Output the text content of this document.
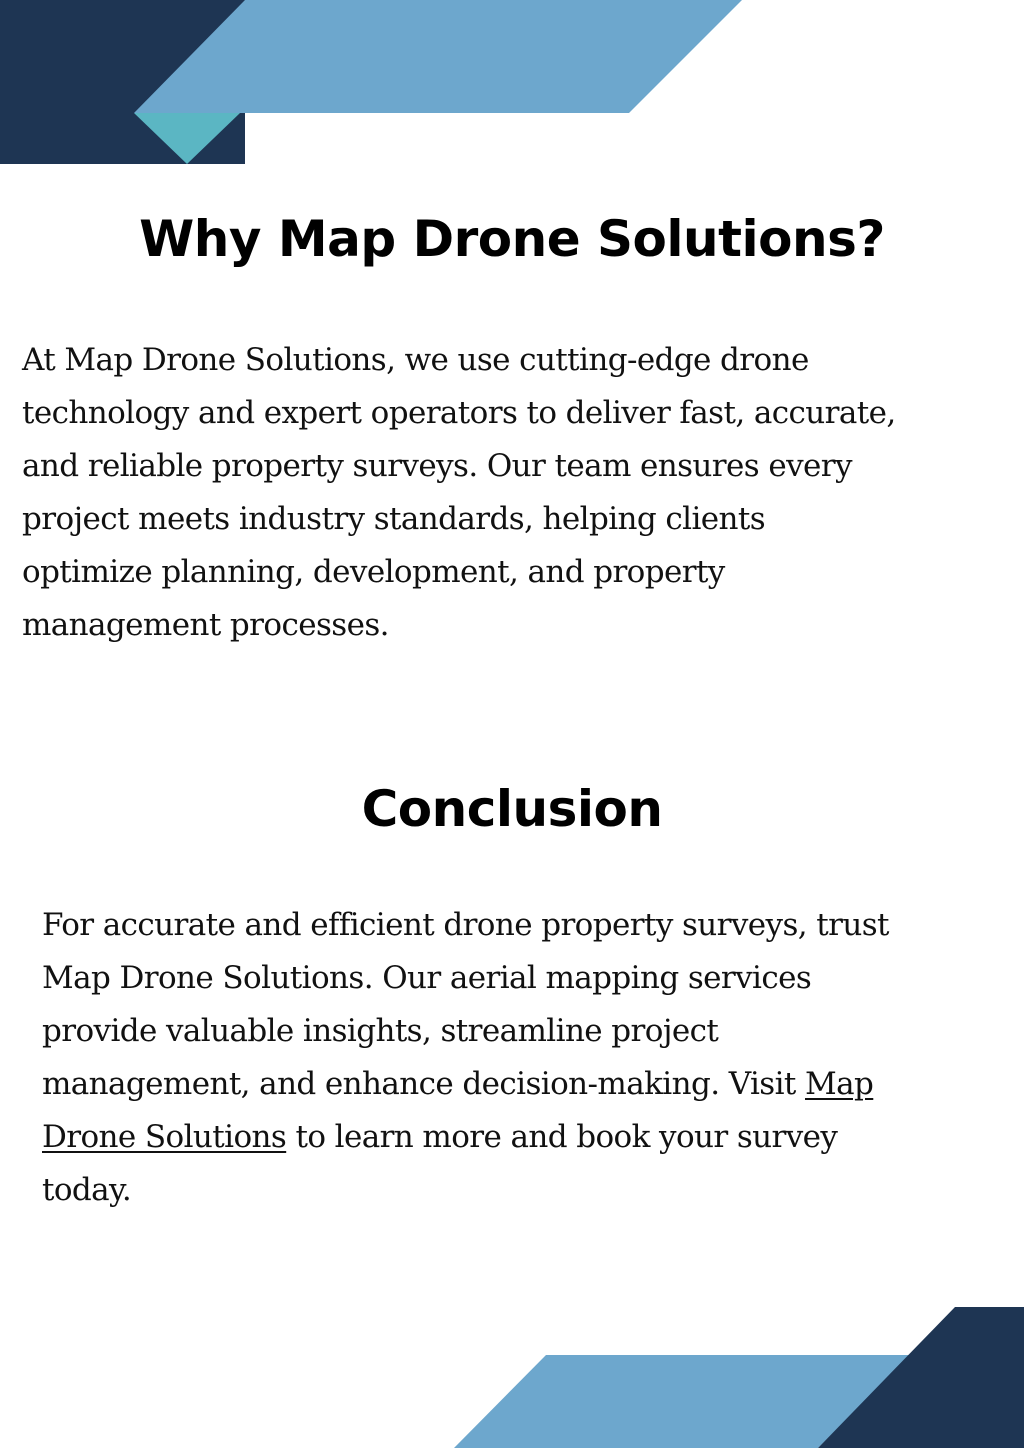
Why Map Drone Solutions?
At Map Drone Solutions, we use cutting-edge drone
technology and expert operators to deliver fast, accurate,
and reliable property surveys. Our team ensures every
project meets industry standards, helping clients
optimize planning, development, and property
management processes.
Conclusion
For accurate and efficient drone property surveys, trust
Map Drone Solutions. Our aerial mapping services
provide valuable insights, streamline project
management, and enhance decision-making. Visit Map
Drone Solutions to learn more and book your survey
today.
